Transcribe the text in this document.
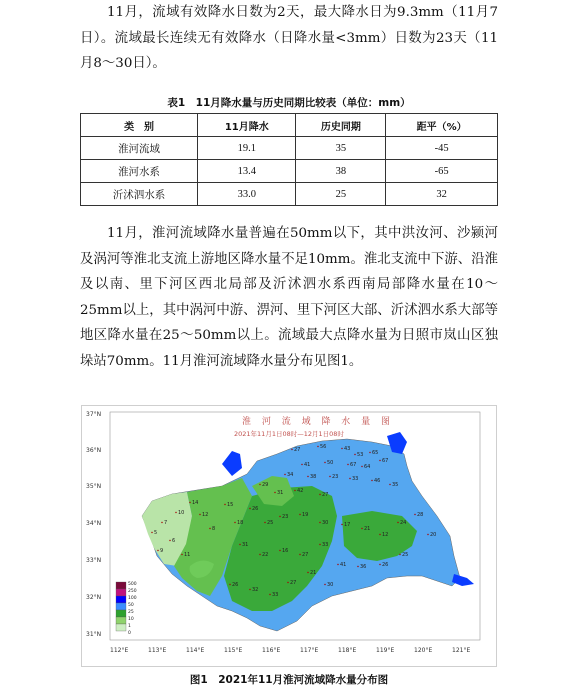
11月，流域有效降水日数为2天，最大降水日为9.3mm（11月7日）。流域最长连续无有效降水（日降水量<3mm）日数为23天（11月8～30日）。

表1　11月降水量与历史同期比较表（单位：mm）
类　别	11月降水	历史同期	距平（%）
淮河流域	19.1	35	-45
淮河水系	13.4	38	-65
沂沭泗水系	33.0	25	32

11月，淮河流域降水量普遍在50mm以下，其中洪汝河、沙颍河及涡河等淮北支流上游地区降水量不足10mm。淮北支流中下游、沿淮及以南、里下河区西北局部及沂沭泗水系西南局部降水量在10～25mm以上，其中涡河中游、淠河、里下河区大部、沂沭泗水系大部等地区降水量在25～50mm以上。流域最大点降水量为日照市岚山区独垛站70mm。11月淮河流域降水量分布见图1。

37°N
36°N
35°N
34°N
33°N
32°N
31°N
112°E	113°E	114°E	115°E	116°E	117°E	118°E	119°E	120°E	121°E
淮 河 流 域 降 水 量 图
2021年11月1日08时—12月1日08时
500
250
100
50
25
10
1
0
27	56	43
53 65
67
50	67 64
41
34	38	23	33	46
35
29
31	42
27
14
10
7
5
12
8
15
18
26
25
23	19
30	17
21
12
24
28
20
31
22
16
27
33
41	36	26
25
26
32
33
27
21
30
9
6
11
图1　2021年11月淮河流域降水量分布图
